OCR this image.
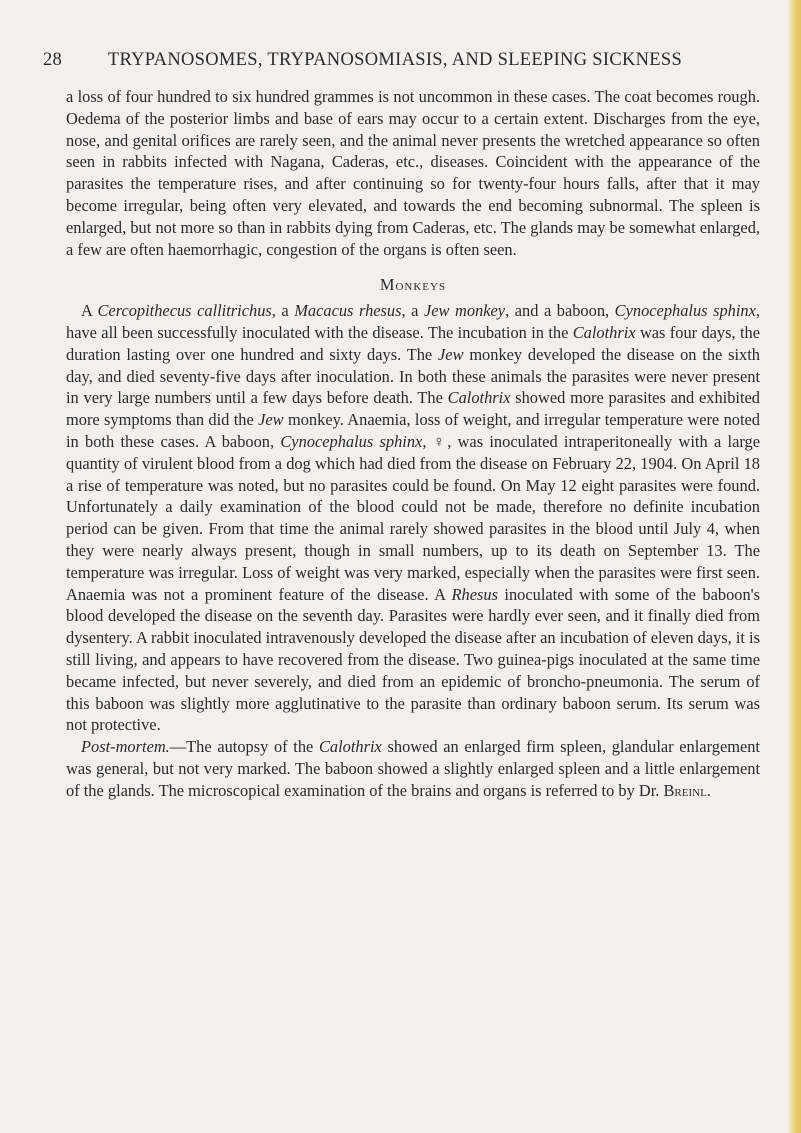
28 TRYPANOSOMES, TRYPANOSOMIASIS, AND SLEEPING SICKNESS

a loss of four hundred to six hundred grammes is not uncommon in these cases. The coat becomes rough. Oedema of the posterior limbs and base of ears may occur to a certain extent. Discharges from the eye, nose, and genital orifices are rarely seen, and the animal never presents the wretched appearance so often seen in rabbits infected with Nagana, Caderas, etc., diseases. Coincident with the appearance of the parasites the temperature rises, and after continuing so for twenty-four hours falls, after that it may become irregular, being often very elevated, and towards the end becoming subnormal. The spleen is enlarged, but not more so than in rabbits dying from Caderas, etc. The glands may be somewhat enlarged, a few are often haemorrhagic, congestion of the organs is often seen.

Monkeys

A Cercopithecus callitrichus, a Macacus rhesus, a Jew monkey, and a baboon, Cynocephalus sphinx, have all been successfully inoculated with the disease. The incubation in the Calothrix was four days, the duration lasting over one hundred and sixty days. The Jew monkey developed the disease on the sixth day, and died seventy-five days after inoculation. In both these animals the parasites were never present in very large numbers until a few days before death. The Calothrix showed more parasites and exhibited more symptoms than did the Jew monkey. Anaemia, loss of weight, and irregular temperature were noted in both these cases. A baboon, Cynocephalus sphinx, ♀, was inoculated intraperitoneally with a large quantity of virulent blood from a dog which had died from the disease on February 22, 1904. On April 18 a rise of temperature was noted, but no parasites could be found. On May 12 eight parasites were found. Unfortunately a daily examination of the blood could not be made, therefore no definite incubation period can be given. From that time the animal rarely showed parasites in the blood until July 4, when they were nearly always present, though in small numbers, up to its death on September 13. The temperature was irregular. Loss of weight was very marked, especially when the parasites were first seen. Anaemia was not a prominent feature of the disease. A Rhesus inoculated with some of the baboon's blood developed the disease on the seventh day. Parasites were hardly ever seen, and it finally died from dysentery. A rabbit inoculated intravenously developed the disease after an incubation of eleven days, it is still living, and appears to have recovered from the disease. Two guinea-pigs inoculated at the same time became infected, but never severely, and died from an epidemic of broncho-pneumonia. The serum of this baboon was slightly more agglutinative to the parasite than ordinary baboon serum. Its serum was not protective.

Post-mortem.—The autopsy of the Calothrix showed an enlarged firm spleen, glandular enlargement was general, but not very marked. The baboon showed a slightly enlarged spleen and a little enlargement of the glands. The microscopical examination of the brains and organs is referred to by Dr. Breinl.
